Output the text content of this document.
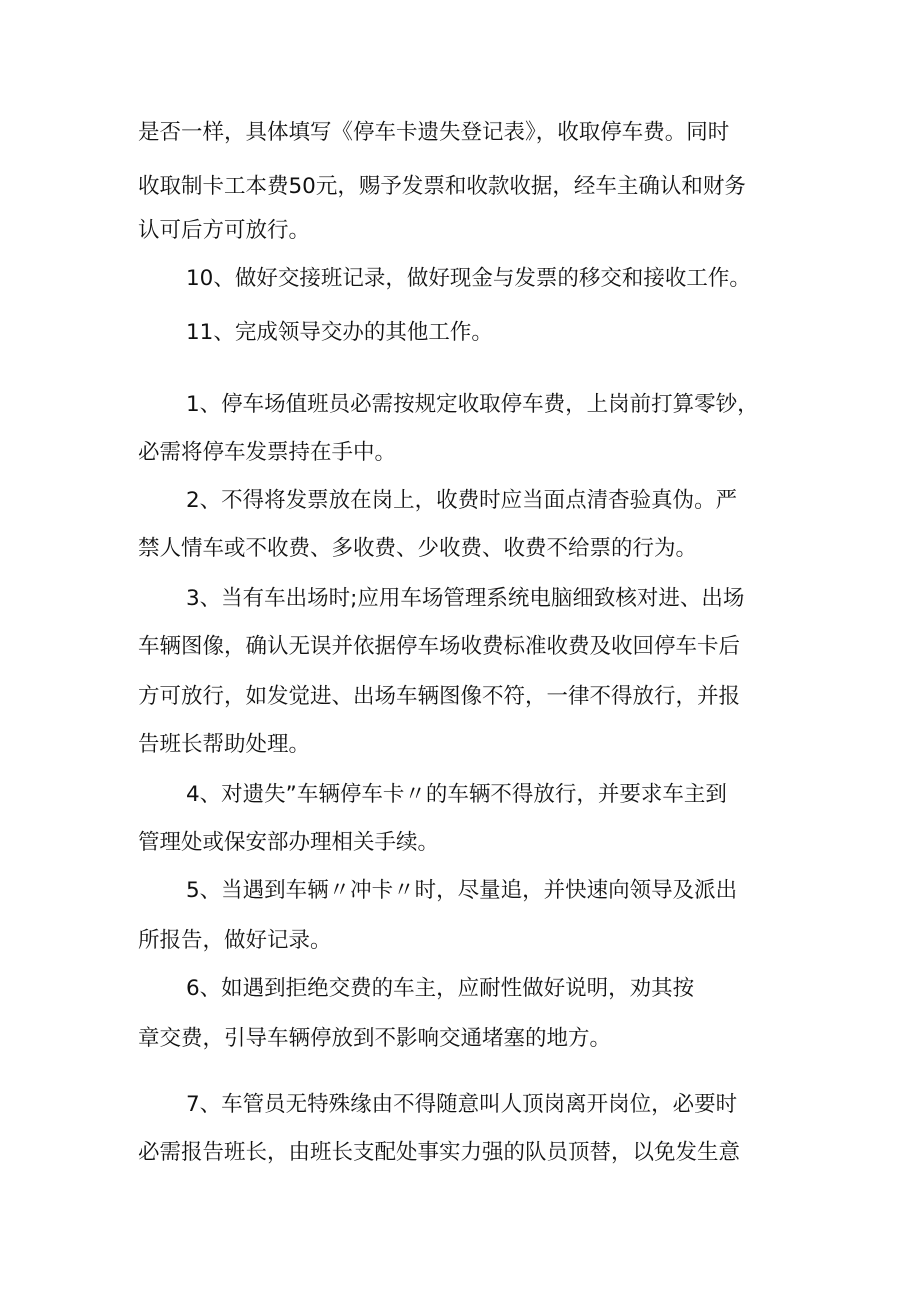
是否一样，具体填写《停车卡遗失登记表》，收取停车费。同时
收取制卡工本费50元，赐予发票和收款收据，经车主确认和财务
认可后方可放行。
10、做好交接班记录，做好现金与发票的移交和接收工作。
11、完成领导交办的其他工作。
1、停车场值班员必需按规定收取停车费，上岗前打算零钞，
必需将停车发票持在手中。
2、不得将发票放在岗上，收费时应当面点清杳验真伪。严
禁人情车或不收费、多收费、少收费、收费不给票的行为。
3、当有车出场时;应用车场管理系统电脑细致核对进、出场
车辆图像，确认无误并依据停车场收费标准收费及收回停车卡后
方可放行，如发觉进、出场车辆图像不符，一律不得放行，并报
告班长帮助处理。
4、对遗失”车辆停车卡〃的车辆不得放行，并要求车主到
管理处或保安部办理相关手续。
5、当遇到车辆〃冲卡〃时，尽量追，并快速向领导及派出
所报告，做好记录。
6、如遇到拒绝交费的车主，应耐性做好说明，劝其按
章交费，引导车辆停放到不影响交通堵塞的地方。
7、车管员无特殊缘由不得随意叫人顶岗离开岗位，必要时
必需报告班长，由班长支配处事实力强的队员顶替，以免发生意
